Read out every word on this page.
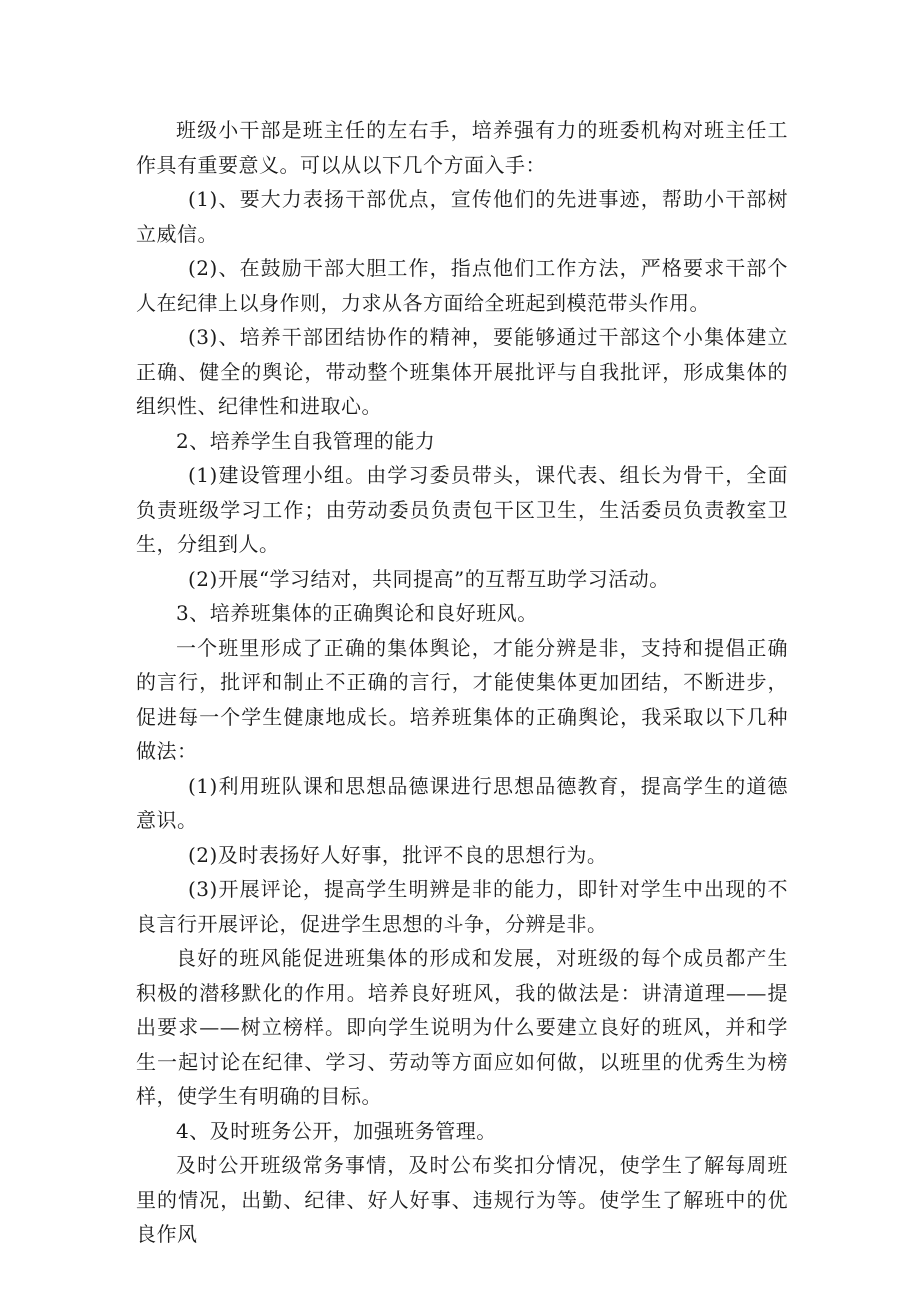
班级小干部是班主任的左右手，培养强有力的班委机构对班主任工作具有重要意义。可以从以下几个方面入手：

(1)、要大力表扬干部优点，宣传他们的先进事迹，帮助小干部树立威信。

(2)、在鼓励干部大胆工作，指点他们工作方法，严格要求干部个人在纪律上以身作则，力求从各方面给全班起到模范带头作用。

(3)、培养干部团结协作的精神，要能够通过干部这个小集体建立正确、健全的舆论，带动整个班集体开展批评与自我批评，形成集体的组织性、纪律性和进取心。

2、培养学生自我管理的能力

(1)建设管理小组。由学习委员带头，课代表、组长为骨干，全面负责班级学习工作；由劳动委员负责包干区卫生，生活委员负责教室卫生，分组到人。

(2)开展“学习结对，共同提高”的互帮互助学习活动。

3、培养班集体的正确舆论和良好班风。

一个班里形成了正确的集体舆论，才能分辨是非，支持和提倡正确的言行，批评和制止不正确的言行，才能使集体更加团结，不断进步，促进每一个学生健康地成长。培养班集体的正确舆论，我采取以下几种做法：

(1)利用班队课和思想品德课进行思想品德教育，提高学生的道德意识。

(2)及时表扬好人好事，批评不良的思想行为。

(3)开展评论，提高学生明辨是非的能力，即针对学生中出现的不良言行开展评论，促进学生思想的斗争，分辨是非。

良好的班风能促进班集体的形成和发展，对班级的每个成员都产生积极的潜移默化的作用。培养良好班风，我的做法是：讲清道理——提出要求——树立榜样。即向学生说明为什么要建立良好的班风，并和学生一起讨论在纪律、学习、劳动等方面应如何做，以班里的优秀生为榜样，使学生有明确的目标。

4、及时班务公开，加强班务管理。

及时公开班级常务事情，及时公布奖扣分情况，使学生了解每周班里的情况，出勤、纪律、好人好事、违规行为等。使学生了解班中的优良作风
